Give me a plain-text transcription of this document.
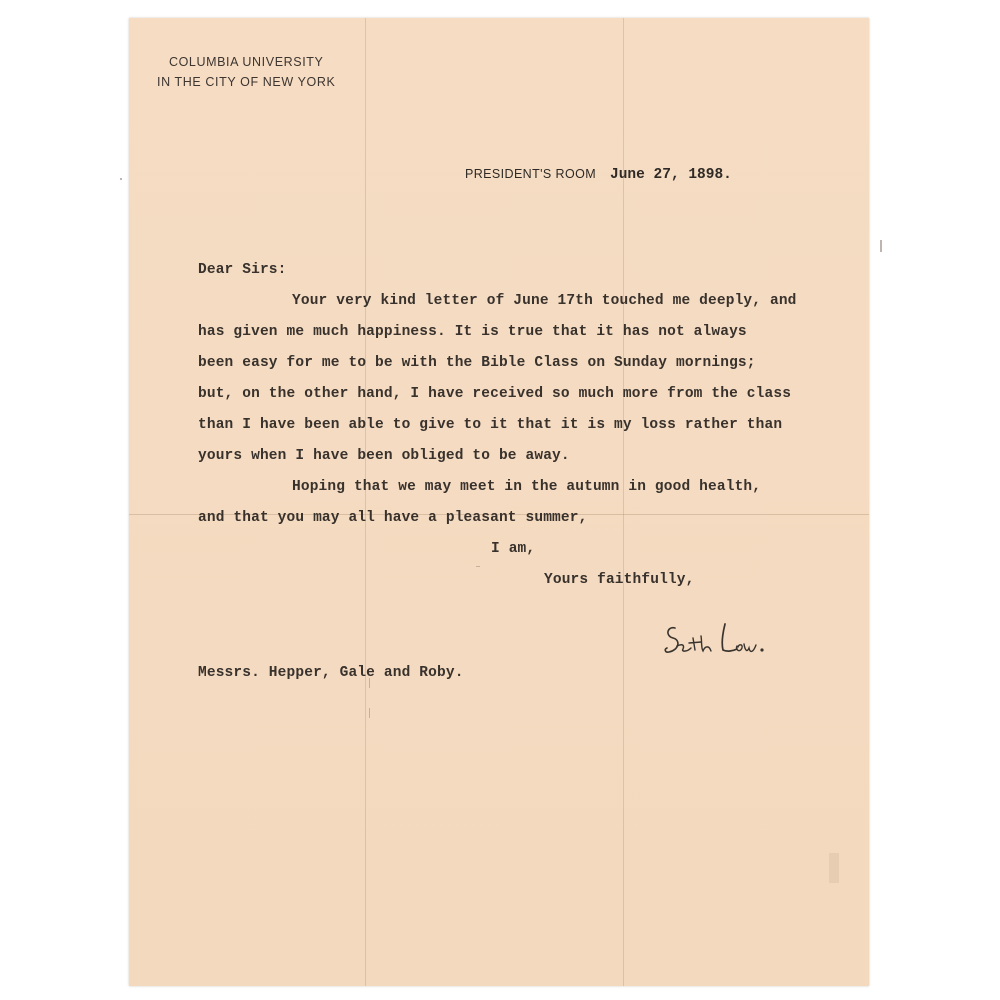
COLUMBIA UNIVERSITY
IN THE CITY OF NEW YORK
PRESIDENT'S ROOM June 27, 1898.
Dear Sirs:
Your very kind letter of June 17th touched me deeply, and
has given me much happiness. It is true that it has not always
been easy for me to be with the Bible Class on Sunday mornings;
but, on the other hand, I have received so much more from the class
than I have been able to give to it that it is my loss rather than
yours when I have been obliged to be away.
Hoping that we may meet in the autumn in good health,
and that you may all have a pleasant summer,
I am,
Yours faithfully,
Messrs. Hepper, Gale and Roby.
